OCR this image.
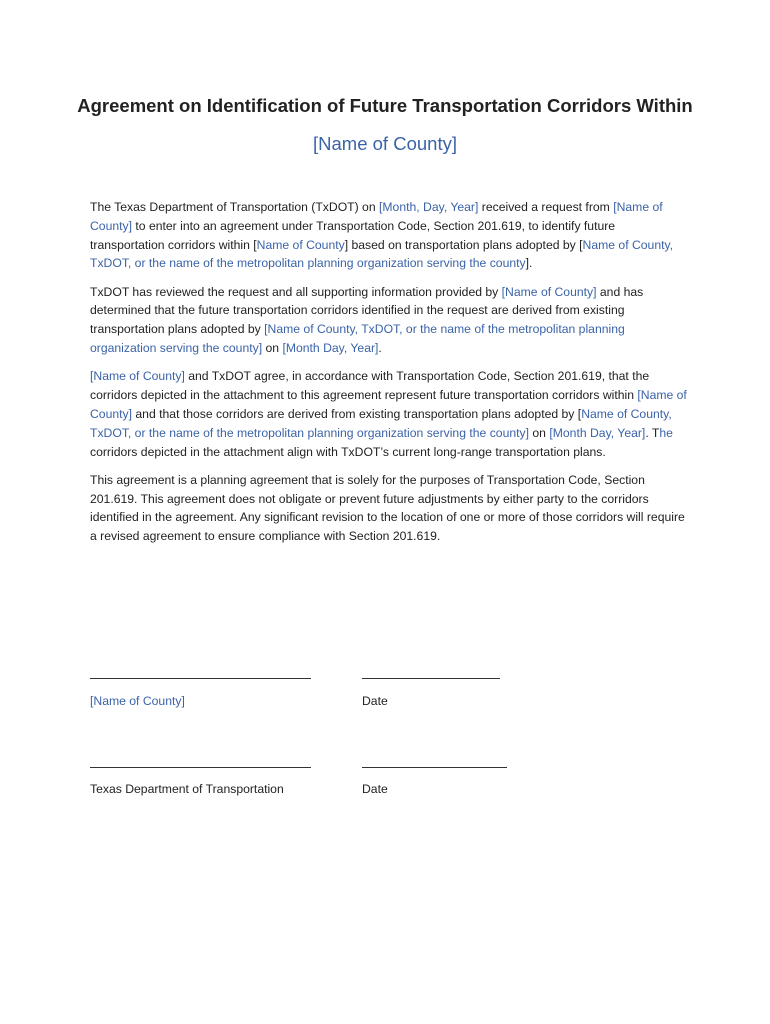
Agreement on Identification of Future Transportation Corridors Within
[Name of County]

The Texas Department of Transportation (TxDOT) on [Month, Day, Year] received a request from [Name of County] to enter into an agreement under Transportation Code, Section 201.619, to identify future transportation corridors within [Name of County] based on transportation plans adopted by [Name of County, TxDOT, or the name of the metropolitan planning organization serving the county].

TxDOT has reviewed the request and all supporting information provided by [Name of County] and has determined that the future transportation corridors identified in the request are derived from existing transportation plans adopted by [Name of County, TxDOT, or the name of the metropolitan planning organization serving the county] on [Month Day, Year].

[Name of County] and TxDOT agree, in accordance with Transportation Code, Section 201.619, that the corridors depicted in the attachment to this agreement represent future transportation corridors within [Name of County] and that those corridors are derived from existing transportation plans adopted by [Name of County, TxDOT, or the name of the metropolitan planning organization serving the county] on [Month Day, Year]. The corridors depicted in the attachment align with TxDOT’s current long-range transportation plans.

This agreement is a planning agreement that is solely for the purposes of Transportation Code, Section 201.619. This agreement does not obligate or prevent future adjustments by either party to the corridors identified in the agreement. Any significant revision to the location of one or more of those corridors will require a revised agreement to ensure compliance with Section 201.619.

[Name of County]	Date
Texas Department of Transportation	Date
